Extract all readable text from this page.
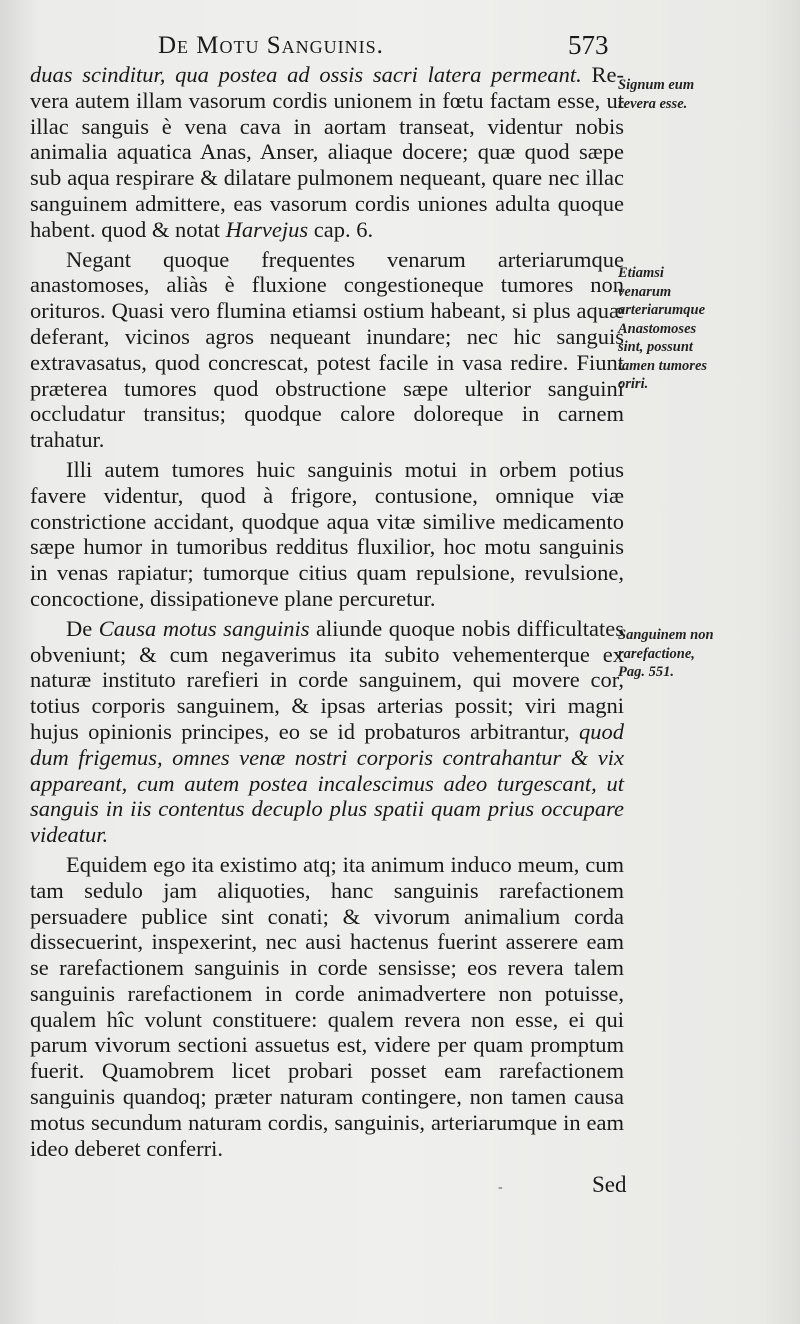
De Motu Sanguinis.	573

duas scinditur, qua postea ad ossis sacri latera permeant. Re-vera autem illam vasorum cordis unionem in fœtu factam esse, ut illac sanguis è vena cava in aortam transeat, videntur nobis animalia aquatica Anas, Anser, aliaque docere; quæ quod sæpe sub aqua respirare & dilatare pulmonem nequeant, quare nec illac sanguinem admittere, eas vasorum cordis uniones adulta quoque habent. quod & notat Harvejus cap. 6.

Negant quoque frequentes venarum arteriarumque anastomoses, aliàs è fluxione congestioneque tumores non orituros. Quasi vero flumina etiamsi ostium habeant, si plus aquæ deferant, vicinos agros nequeant inundare; nec hic sanguis extravasatus, quod concrescat, potest facile in vasa redire. Fiunt præterea tumores quod obstructione sæpe ulterior sanguini occludatur transitus; quodque calore doloreque in carnem trahatur.

Illi autem tumores huic sanguinis motui in orbem potius favere videntur, quod à frigore, contusione, omnique viæ constrictione accidant, quodque aqua vitæ similive medicamento sæpe humor in tumoribus redditus fluxilior, hoc motu sanguinis in venas rapiatur; tumorque citius quam repulsione, revulsione, concoctione, dissipationeve plane percuretur.

De Causa motus sanguinis aliunde quoque nobis difficultates obveniunt; & cum negaverimus ita subito vehementerque ex naturæ instituto rarefieri in corde sanguinem, qui movere cor, totius corporis sanguinem, & ipsas arterias possit; viri magni hujus opinionis principes, eo se id probaturos arbitrantur, quod dum frigemus, omnes venæ nostri corporis contrahantur & vix appareant, cum autem postea incalescimus adeo turgescant, ut sanguis in iis contentus decuplo plus spatii quam prius occupare videatur.

Equidem ego ita existimo atq; ita animum induco meum, cum tam sedulo jam aliquoties, hanc sanguinis rarefactionem persuadere publice sint conati; & vivorum animalium corda dissecuerint, inspexerint, nec ausi hactenus fuerint asserere eam se rarefactionem sanguinis in corde sensisse; eos revera talem sanguinis rarefactionem in corde animadvertere non potuisse, qualem hîc volunt constituere: qualem revera non esse, ei qui parum vivorum sectioni assuetus est, videre per quam promptum fuerit. Quamobrem licet probari posset eam rarefactionem sanguinis quandoq; præter naturam contingere, non tamen causa motus secundum naturam cordis, sanguinis, arteriarumque in eam ideo deberet conferri.

Signum eum revera esse.
Etiamsi venarum arteriarumque Anastomoses sint, possunt tamen tumores oriri.
Sanguinem non rarefactione, Pag. 551.
-	Sed
